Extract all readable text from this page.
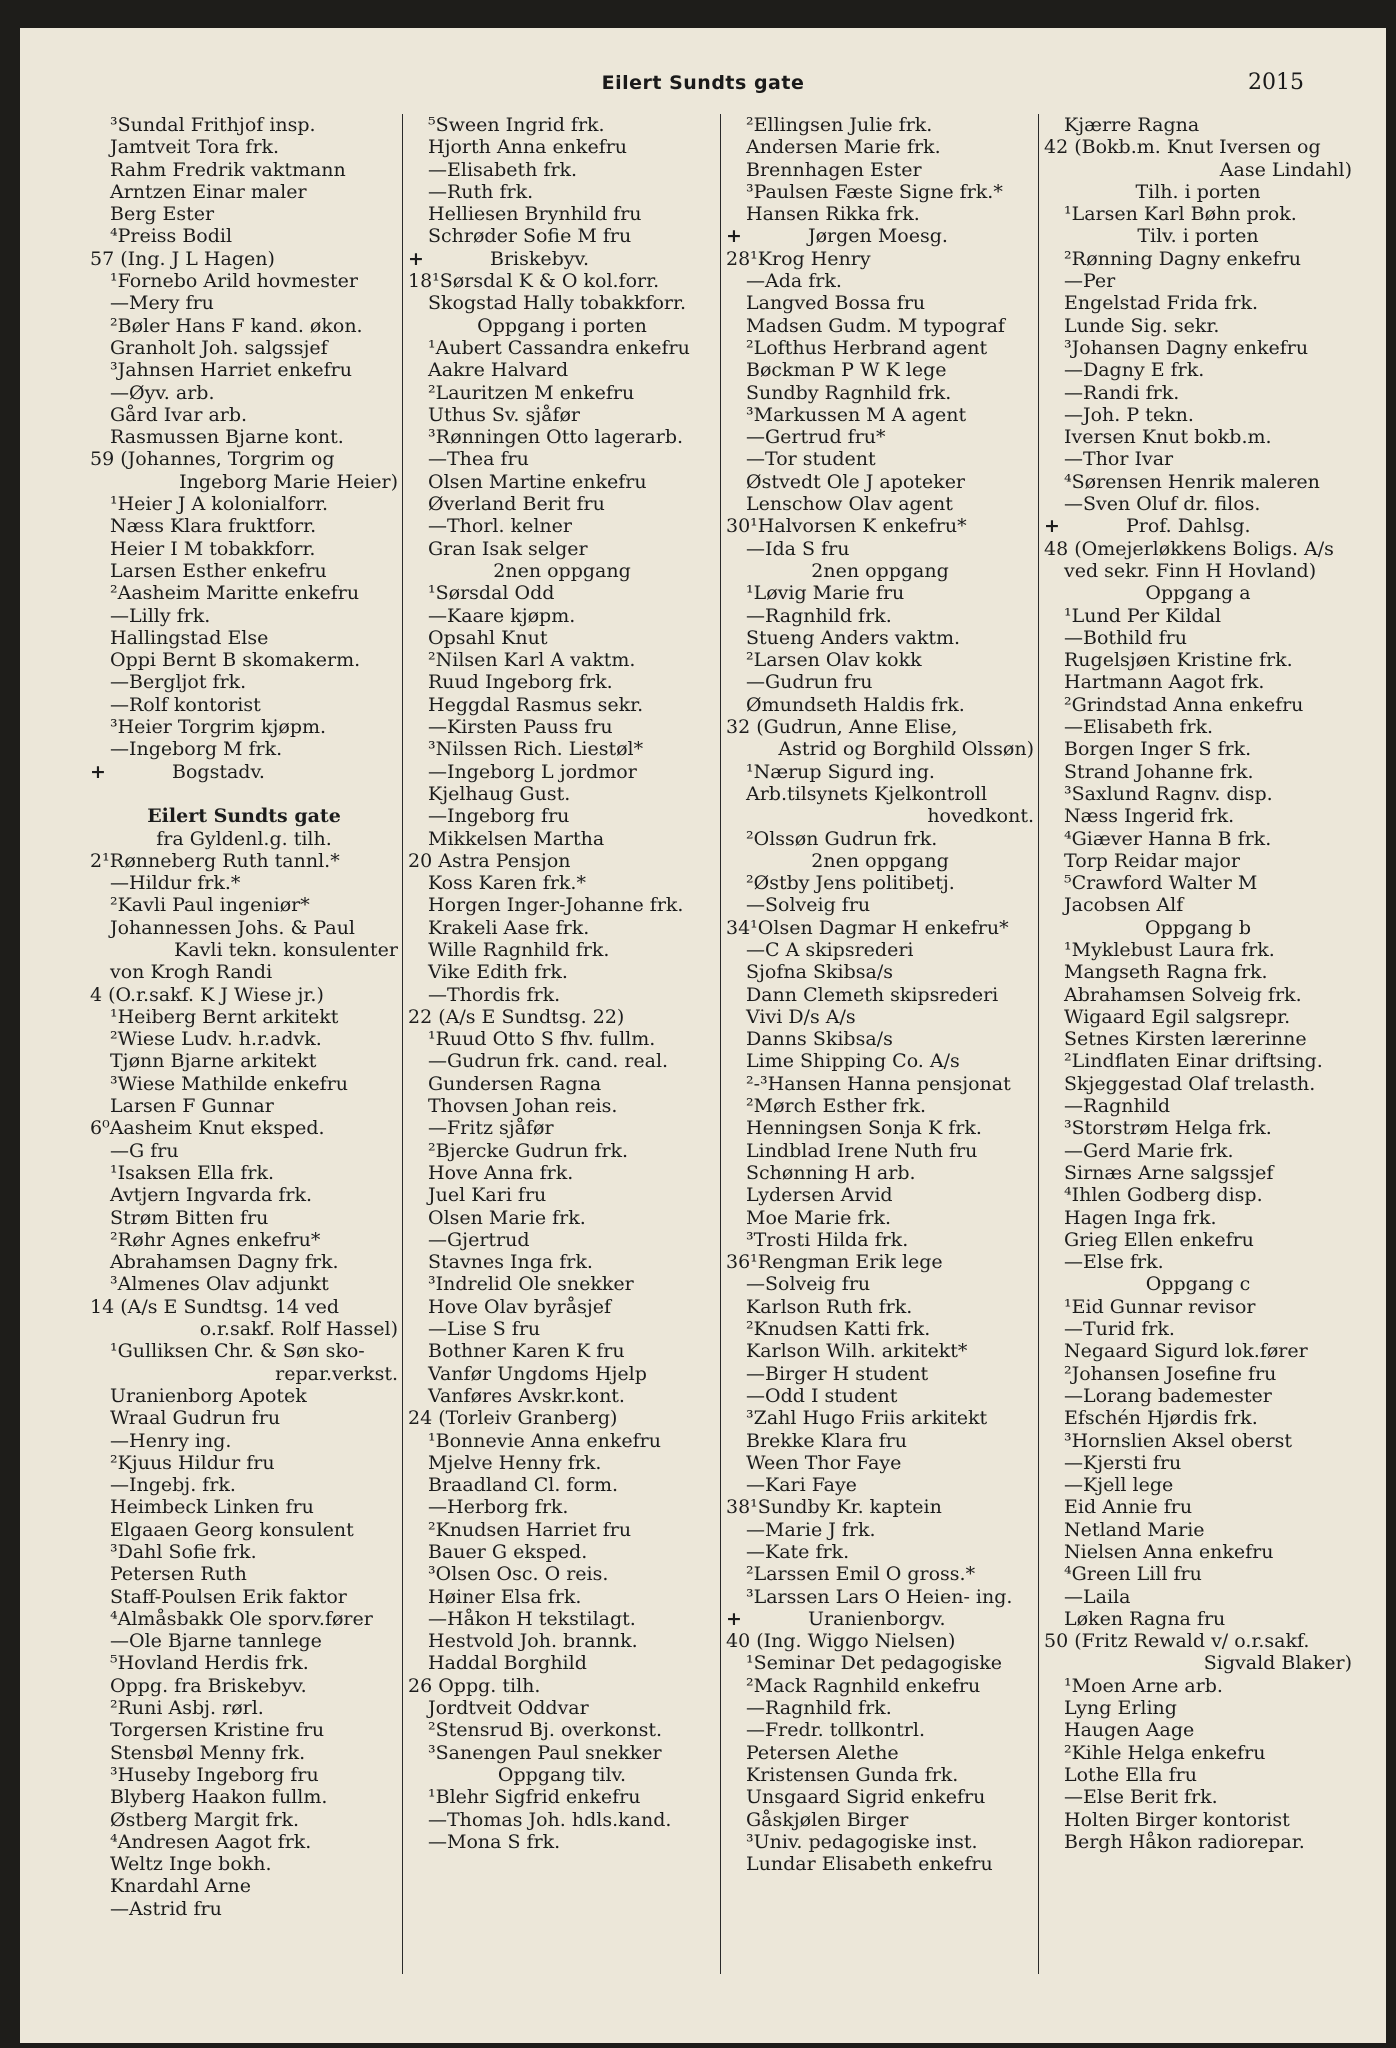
Eilert Sundts gate	2015
³Sundal Frithjof insp.
Jamtveit Tora frk.
Rahm Fredrik vaktmann
Arntzen Einar maler
Berg Ester
⁴Preiss Bodil
57 (Ing. J L Hagen)
¹Fornebo Arild hovmester
—Mery fru
²Bøler Hans F kand. økon.
Granholt Joh. salgssjef
³Jahnsen Harriet enkefru
—Øyv. arb.
Gård Ivar arb.
Rasmussen Bjarne kont.
59 (Johannes, Torgrim og
Ingeborg Marie Heier)
¹Heier J A kolonialforr.
Næss Klara fruktforr.
Heier I M tobakkforr.
Larsen Esther enkefru
²Aasheim Maritte enkefru
—Lilly frk.
Hallingstad Else
Oppi Bernt B skomakerm.
—Bergljot frk.
—Rolf kontorist
³Heier Torgrim kjøpm.
—Ingeborg M frk.
+	Bogstadv.
Eilert Sundts gate
fra Gyldenl.g. tilh.
2¹Rønneberg Ruth tannl.*
—Hildur frk.*
²Kavli Paul ingeniør*
Johannessen Johs. & Paul
Kavli tekn. konsulenter
von Krogh Randi
4 (O.r.sakf. K J Wiese jr.)
¹Heiberg Bernt arkitekt
²Wiese Ludv. h.r.advk.
Tjønn Bjarne arkitekt
³Wiese Mathilde enkefru
Larsen F Gunnar
6⁰Aasheim Knut eksped.
—G fru
¹Isaksen Ella frk.
Avtjern Ingvarda frk.
Strøm Bitten fru
²Røhr Agnes enkefru*
Abrahamsen Dagny frk.
³Almenes Olav adjunkt
14 (A/s E Sundtsg. 14 ved
o.r.sakf. Rolf Hassel)
¹Gulliksen Chr. & Søn sko-
repar.verkst.
Uranienborg Apotek
Wraal Gudrun fru
—Henry ing.
²Kjuus Hildur fru
—Ingebj. frk.
Heimbeck Linken fru
Elgaaen Georg konsulent
³Dahl Sofie frk.
Petersen Ruth
Staff-Poulsen Erik faktor
⁴Almåsbakk Ole sporv.fører
—Ole Bjarne tannlege
⁵Hovland Herdis frk.
Oppg. fra Briskebyv.
²Runi Asbj. rørl.
Torgersen Kristine fru
Stensbøl Menny frk.
³Huseby Ingeborg fru
Blyberg Haakon fullm.
Østberg Margit frk.
⁴Andresen Aagot frk.
Weltz Inge bokh.
Knardahl Arne
—Astrid fru
⁵Sween Ingrid frk.
Hjorth Anna enkefru
—Elisabeth frk.
—Ruth frk.
Helliesen Brynhild fru
Schrøder Sofie M fru
+	Briskebyv.
18¹Sørsdal K & O kol.forr.
Skogstad Hally tobakkforr.
Oppgang i porten
¹Aubert Cassandra enkefru
Aakre Halvard
²Lauritzen M enkefru
Uthus Sv. sjåfør
³Rønningen Otto lagerarb.
—Thea fru
Olsen Martine enkefru
Øverland Berit fru
—Thorl. kelner
Gran Isak selger
2nen oppgang
¹Sørsdal Odd
—Kaare kjøpm.
Opsahl Knut
²Nilsen Karl A vaktm.
Ruud Ingeborg frk.
Heggdal Rasmus sekr.
—Kirsten Pauss fru
³Nilssen Rich. Liestøl*
—Ingeborg L jordmor
Kjelhaug Gust.
—Ingeborg fru
Mikkelsen Martha
20 Astra Pensjon
Koss Karen frk.*
Horgen Inger-Johanne frk.
Krakeli Aase frk.
Wille Ragnhild frk.
Vike Edith frk.
—Thordis frk.
22 (A/s E Sundtsg. 22)
¹Ruud Otto S fhv. fullm.
—Gudrun frk. cand. real.
Gundersen Ragna
Thovsen Johan reis.
—Fritz sjåfør
²Bjercke Gudrun frk.
Hove Anna frk.
Juel Kari fru
Olsen Marie frk.
—Gjertrud
Stavnes Inga frk.
³Indrelid Ole snekker
Hove Olav byråsjef
—Lise S fru
Bothner Karen K fru
Vanfør Ungdoms Hjelp
Vanføres Avskr.kont.
24 (Torleiv Granberg)
¹Bonnevie Anna enkefru
Mjelve Henny frk.
Braadland Cl. form.
—Herborg frk.
²Knudsen Harriet fru
Bauer G eksped.
³Olsen Osc. O reis.
Høiner Elsa frk.
—Håkon H tekstilagt.
Hestvold Joh. brannk.
Haddal Borghild
26 Oppg. tilh.
Jordtveit Oddvar
²Stensrud Bj. overkonst.
³Sanengen Paul snekker
Oppgang tilv.
¹Blehr Sigfrid enkefru
—Thomas Joh. hdls.kand.
—Mona S frk.
²Ellingsen Julie frk.
Andersen Marie frk.
Brennhagen Ester
³Paulsen Fæste Signe frk.*
Hansen Rikka frk.
+	Jørgen Moesg.
28¹Krog Henry
—Ada frk.
Langved Bossa fru
Madsen Gudm. M typograf
²Lofthus Herbrand agent
Bøckman P W K lege
Sundby Ragnhild frk.
³Markussen M A agent
—Gertrud fru*
—Tor student
Østvedt Ole J apoteker
Lenschow Olav agent
30¹Halvorsen K enkefru*
—Ida S fru
2nen oppgang
¹Løvig Marie fru
—Ragnhild frk.
Stueng Anders vaktm.
²Larsen Olav kokk
—Gudrun fru
Ømundseth Haldis frk.
32 (Gudrun, Anne Elise,
Astrid og Borghild Olssøn)
¹Nærup Sigurd ing.
Arb.tilsynets Kjelkontroll
hovedkont.
²Olssøn Gudrun frk.
2nen oppgang
²Østby Jens politibetj.
—Solveig fru
34¹Olsen Dagmar H enkefru*
—C A skipsrederi
Sjofna Skibsa/s
Dann Clemeth skipsrederi
Vivi D/s A/s
Danns Skibsa/s
Lime Shipping Co. A/s
²-³Hansen Hanna pensjonat
²Mørch Esther frk.
Henningsen Sonja K frk.
Lindblad Irene Nuth fru
Schønning H arb.
Lydersen Arvid
Moe Marie frk.
³Trosti Hilda frk.
36¹Rengman Erik lege
—Solveig fru
Karlson Ruth frk.
²Knudsen Katti frk.
Karlson Wilh. arkitekt*
—Birger H student
—Odd I student
³Zahl Hugo Friis arkitekt
Brekke Klara fru
Ween Thor Faye
—Kari Faye
38¹Sundby Kr. kaptein
—Marie J frk.
—Kate frk.
²Larssen Emil O gross.*
³Larssen Lars O Heien- ing.
+	Uranienborgv.
40 (Ing. Wiggo Nielsen)
¹Seminar Det pedagogiske
²Mack Ragnhild enkefru
—Ragnhild frk.
—Fredr. tollkontrl.
Petersen Alethe
Kristensen Gunda frk.
Unsgaard Sigrid enkefru
Gåskjølen Birger
³Univ. pedagogiske inst.
Lundar Elisabeth enkefru
Kjærre Ragna
42 (Bokb.m. Knut Iversen og
Aase Lindahl)
Tilh. i porten
¹Larsen Karl Bøhn prok.
Tilv. i porten
²Rønning Dagny enkefru
—Per
Engelstad Frida frk.
Lunde Sig. sekr.
³Johansen Dagny enkefru
—Dagny E frk.
—Randi frk.
—Joh. P tekn.
Iversen Knut bokb.m.
—Thor Ivar
⁴Sørensen Henrik maleren
—Sven Oluf dr. filos.
+	Prof. Dahlsg.
48 (Omejerløkkens Boligs. A/s
ved sekr. Finn H Hovland)
Oppgang a
¹Lund Per Kildal
—Bothild fru
Rugelsjøen Kristine frk.
Hartmann Aagot frk.
²Grindstad Anna enkefru
—Elisabeth frk.
Borgen Inger S frk.
Strand Johanne frk.
³Saxlund Ragnv. disp.
Næss Ingerid frk.
⁴Giæver Hanna B frk.
Torp Reidar major
⁵Crawford Walter M
Jacobsen Alf
Oppgang b
¹Myklebust Laura frk.
Mangseth Ragna frk.
Abrahamsen Solveig frk.
Wigaard Egil salgsrepr.
Setnes Kirsten lærerinne
²Lindflaten Einar driftsing.
Skjeggestad Olaf trelasth.
—Ragnhild
³Storstrøm Helga frk.
—Gerd Marie frk.
Sirnæs Arne salgssjef
⁴Ihlen Godberg disp.
Hagen Inga frk.
Grieg Ellen enkefru
—Else frk.
Oppgang c
¹Eid Gunnar revisor
—Turid frk.
Negaard Sigurd lok.fører
²Johansen Josefine fru
—Lorang bademester
Efschén Hjørdis frk.
³Hornslien Aksel oberst
—Kjersti fru
—Kjell lege
Eid Annie fru
Netland Marie
Nielsen Anna enkefru
⁴Green Lill fru
—Laila
Løken Ragna fru
50 (Fritz Rewald v/ o.r.sakf.
Sigvald Blaker)
¹Moen Arne arb.
Lyng Erling
Haugen Aage
²Kihle Helga enkefru
Lothe Ella fru
—Else Berit frk.
Holten Birger kontorist
Bergh Håkon radiorepar.
